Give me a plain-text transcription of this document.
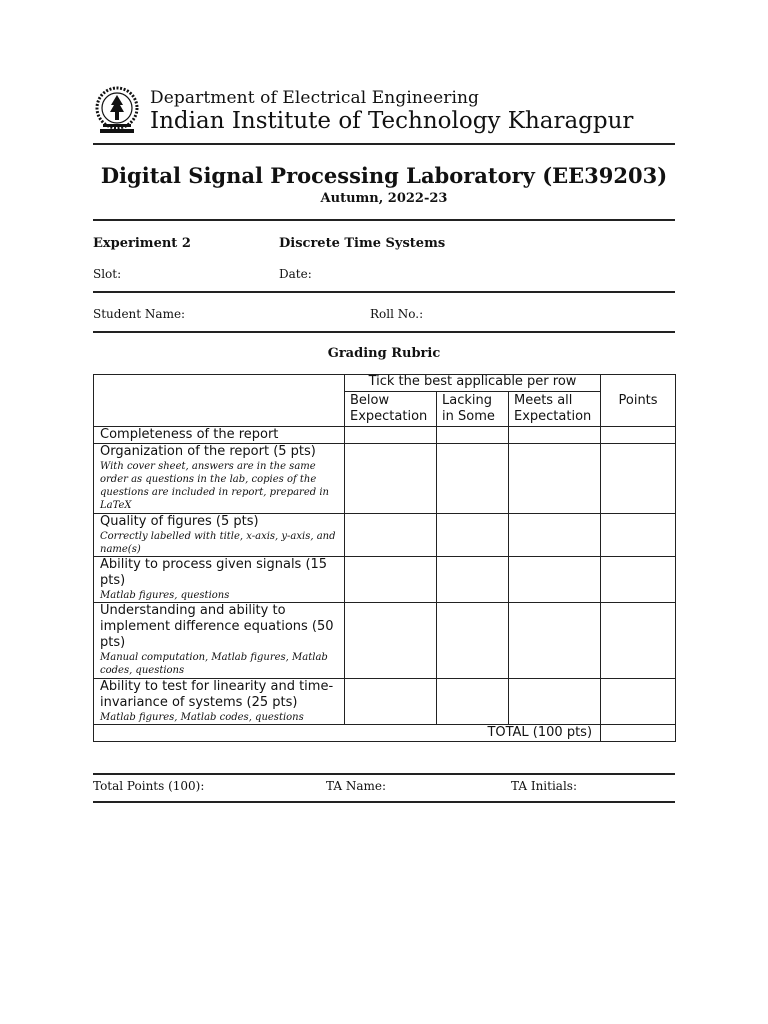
Department of Electrical Engineering
Indian Institute of Technology Kharagpur
Digital Signal Processing Laboratory (EE39203)
Autumn, 2022-23
Experiment 2	Discrete Time Systems
Slot:	Date:
Student Name:	Roll No.:
Grading Rubric
	Tick the best applicable per row			Points
	Below Expectation	Lacking in Some	Meets all Expectation	

Completeness of the report				

Organization of the report (5 pts)
With cover sheet, answers are in the same order as questions in the lab, copies of the questions are included in report, prepared in LaTeX				

Quality of figures (5 pts)
Correctly labelled with title, x-axis, y-axis, and name(s)				

Ability to process given signals (15 pts)
Matlab figures, questions				

Understanding and ability to implement difference equations (50 pts)
Manual computation, Matlab figures, Matlab codes, questions				

Ability to test for linearity and time-invariance of systems (25 pts)
Matlab figures, Matlab codes, questions				

TOTAL (100 pts)				
Total Points (100):	TA Name:	TA Initials:
